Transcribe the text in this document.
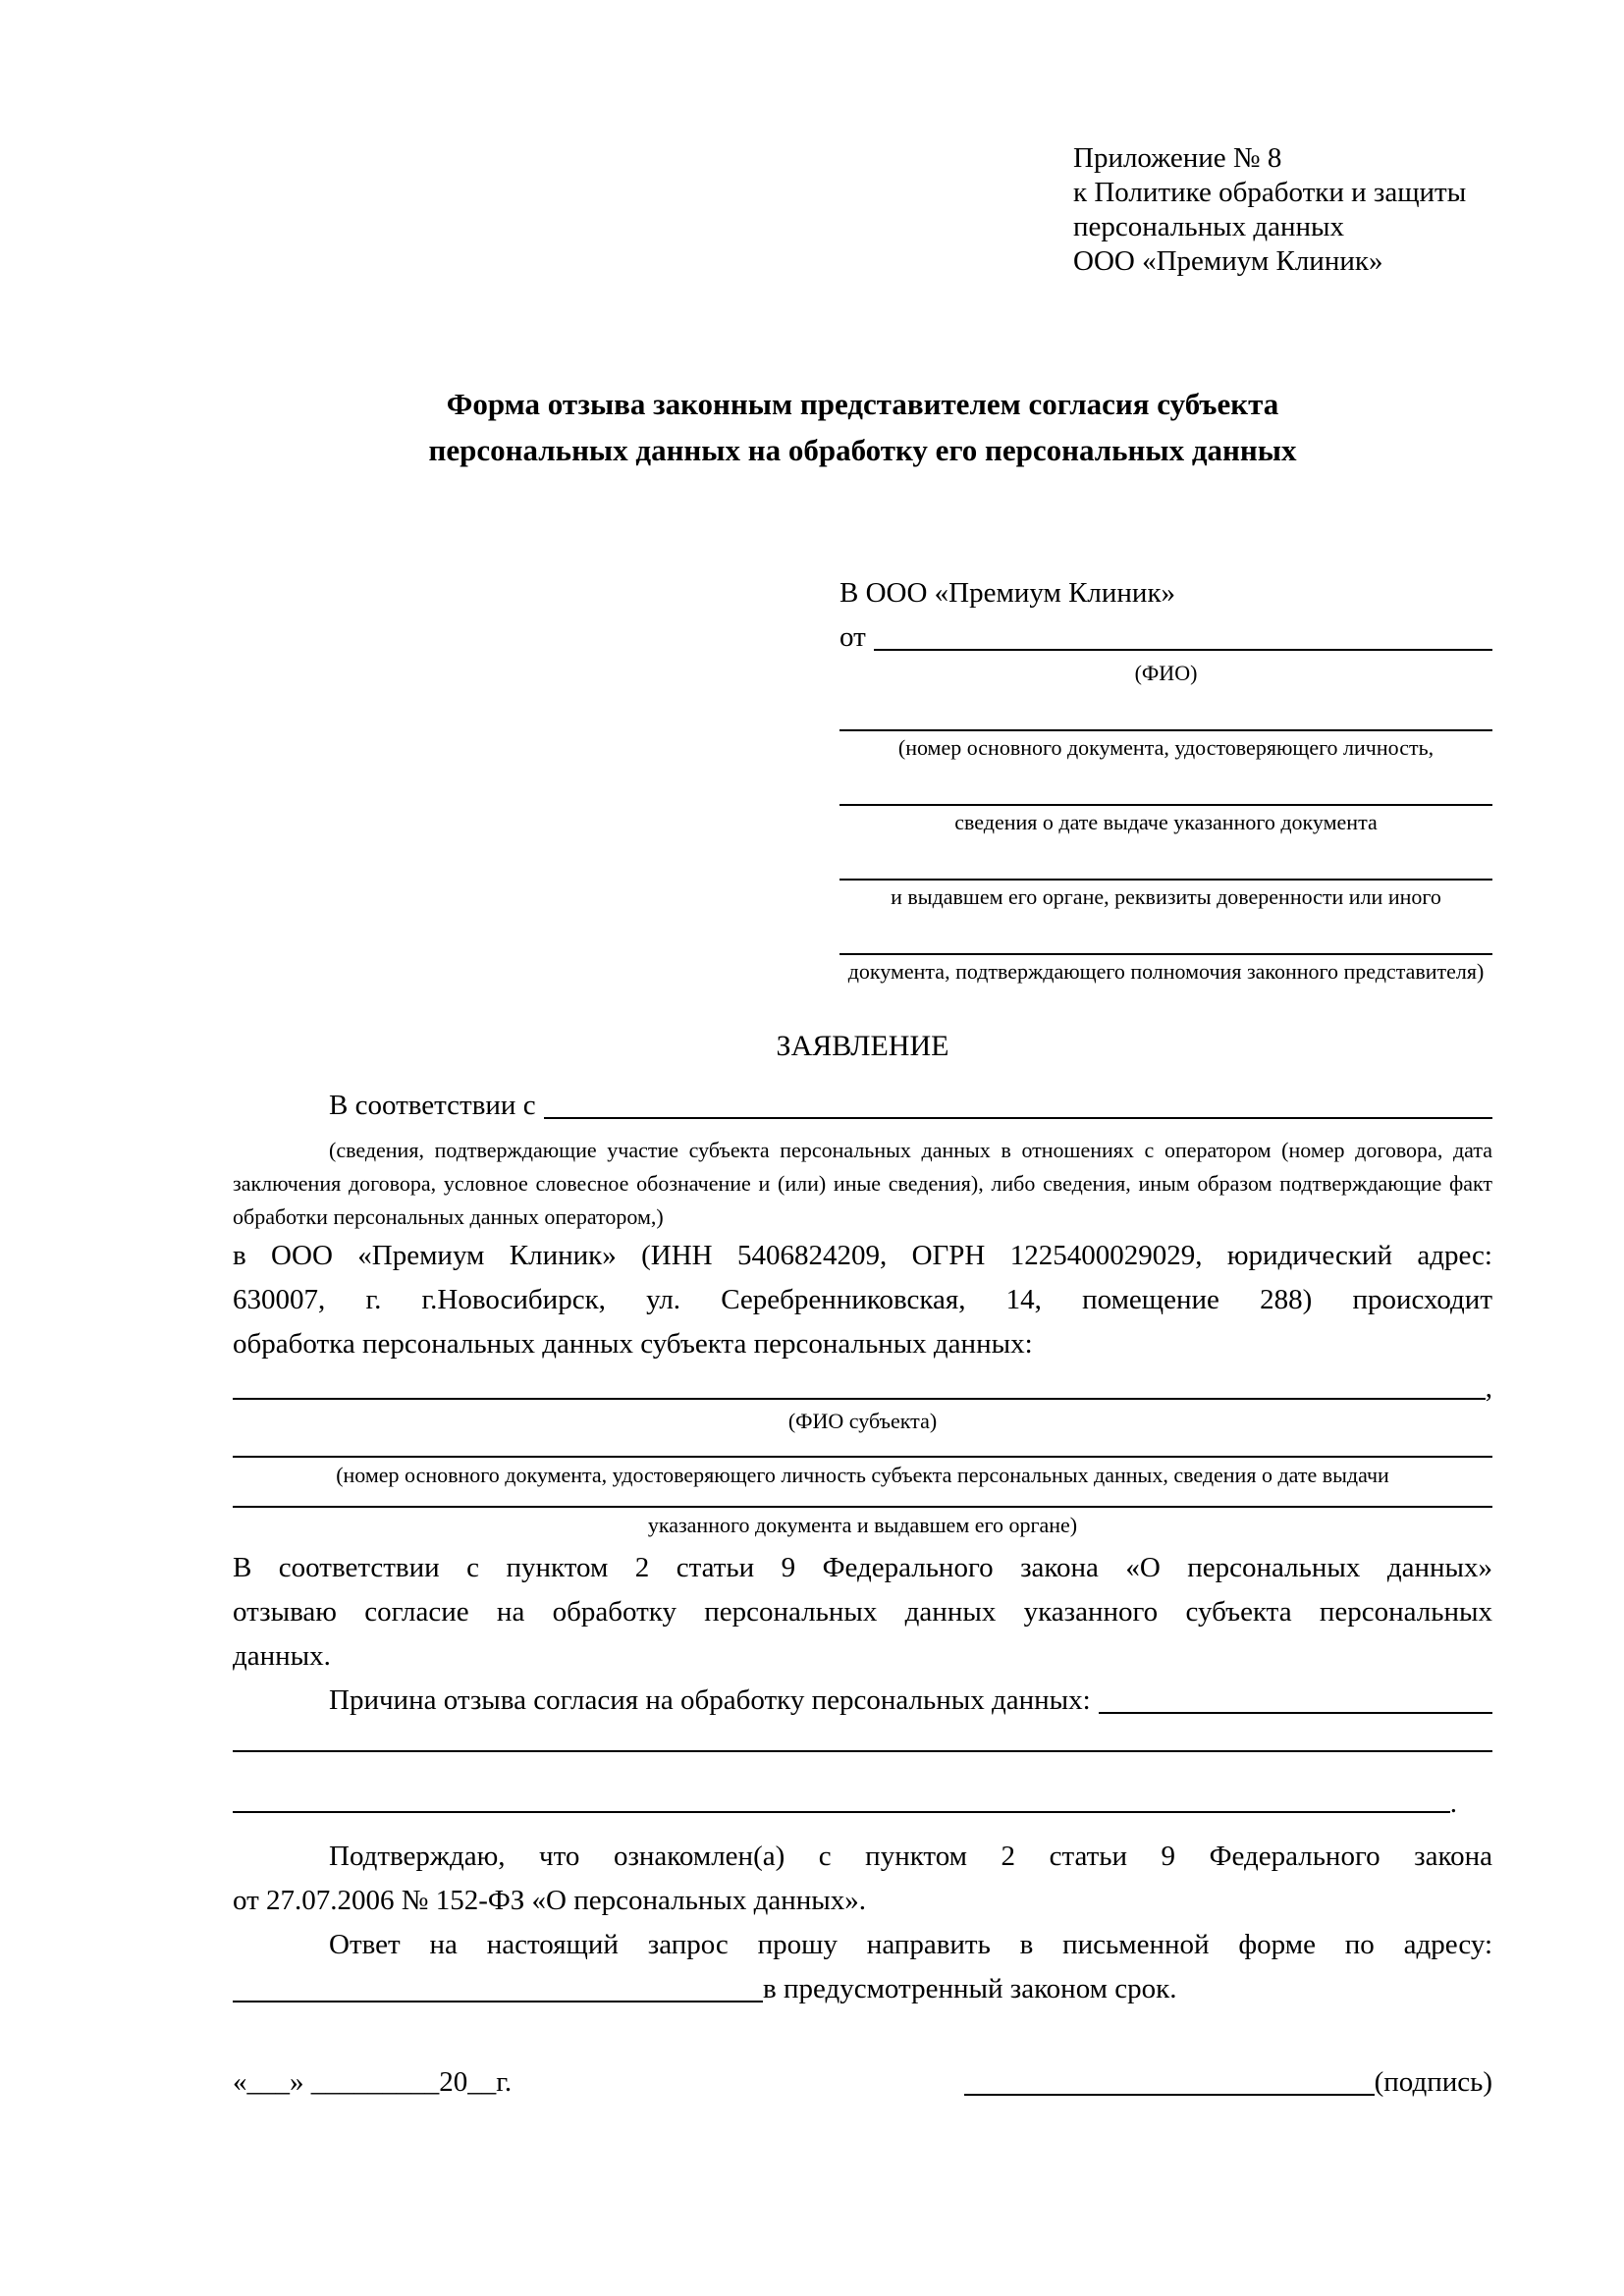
Приложение № 8
к Политике обработки и защиты
персональных данных
ООО «Премиум Клиник»
Форма отзыва законным представителем согласия субъекта
персональных данных на обработку его персональных данных
В ООО «Премиум Клиник»
от
(ФИО)
(номер основного документа, удостоверяющего личность,
сведения о дате выдаче указанного документа
и выдавшем его органе, реквизиты доверенности или иного
документа, подтверждающего полномочия законного представителя)
ЗАЯВЛЕНИЕ
В соответствии с
(сведения, подтверждающие участие субъекта персональных данных в отношениях с оператором (номер договора, дата
заключения договора, условное словесное обозначение и (или) иные сведения), либо сведения, иным образом подтверждающие факт
обработки персональных данных оператором,)
в ООО «Премиум Клиник» (ИНН 5406824209, ОГРН 1225400029029, юридический адрес:
630007, г. г.Новосибирск, ул. Серебренниковская, 14, помещение 288) происходит
обработка персональных данных субъекта персональных данных:
,
(ФИО субъекта)
(номер основного документа, удостоверяющего личность субъекта персональных данных, сведения о дате выдачи
указанного документа и выдавшем его органе)
В соответствии с пунктом 2 статьи 9 Федерального закона «О персональных данных»
отзываю согласие на обработку персональных данных указанного субъекта персональных
данных.
Причина отзыва согласия на обработку персональных данных:
.
Подтверждаю, что ознакомлен(а) с пунктом 2 статьи 9 Федерального закона
от 27.07.2006 № 152-ФЗ «О персональных данных».
Ответ на настоящий запрос прошу направить в письменной форме по адресу:
в предусмотренный законом срок.
«___» _________20__г.	(подпись)
